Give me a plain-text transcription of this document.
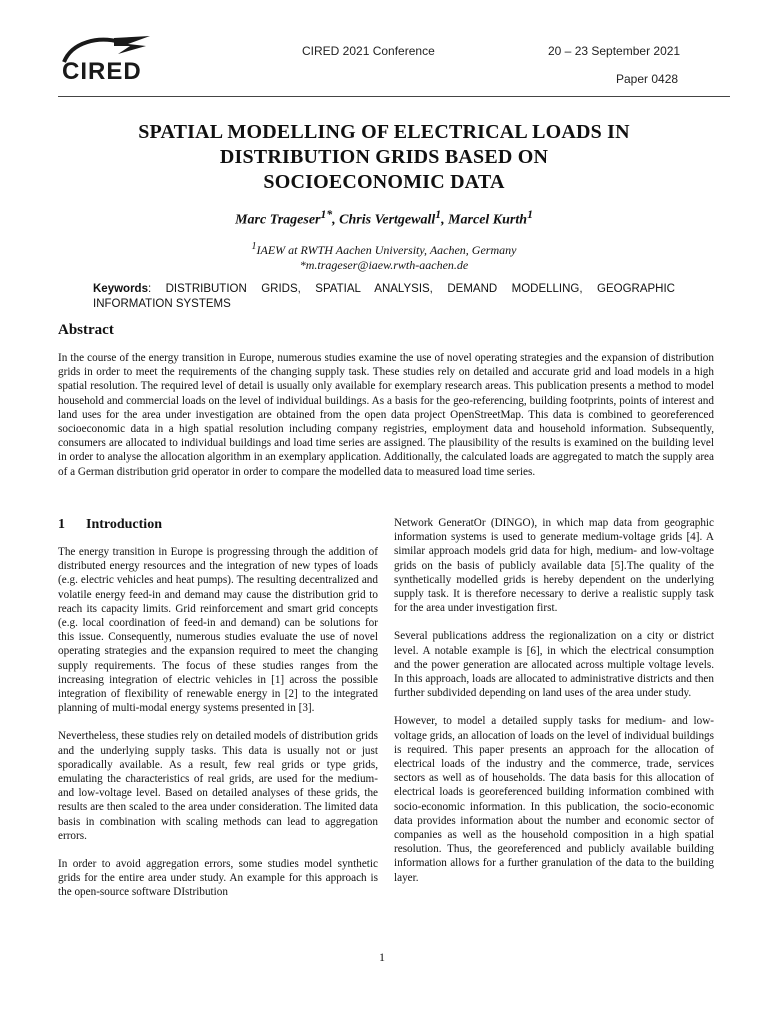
CIRED
CIRED 2021 Conference	20 – 23 September 2021
Paper 0428
SPATIAL MODELLING OF ELECTRICAL LOADS IN
DISTRIBUTION GRIDS BASED ON
SOCIOECONOMIC DATA
Marc Trageser$^{1*}$, Chris Vertgewall$^1$, Marcel Kurth$^1$
$^1$IAEW at RWTH Aachen University, Aachen, Germany
*m.trageser@iaew.rwth-aachen.de
Keywords: DISTRIBUTION GRIDS, SPATIAL ANALYSIS, DEMAND MODELLING, GEOGRAPHIC INFORMATION SYSTEMS
Abstract
In the course of the energy transition in Europe, numerous studies examine the use of novel operating strategies and the expansion of distribution grids in order to meet the requirements of the changing supply task. These studies rely on detailed and accurate grid and load models in a high spatial resolution. The required level of detail is usually only available for exemplary research areas. This publication presents a method to model household and commercial loads on the level of individual buildings. As a basis for the geo-referencing, building footprints, points of interest and land uses for the area under investigation are obtained from the open data project OpenStreetMap. This data is combined to georeferenced socioeconomic data in a high spatial resolution including company registries, employment data and household information. Subsequently, consumers are allocated to individual buildings and load time series are assigned. The plausibility of the results is examined on the building level in order to analyse the allocation algorithm in an exemplary application. Additionally, the calculated loads are aggregated to match the supply area of a German distribution grid operator in order to compare the modelled data to measured load time series.
1 Introduction

The energy transition in Europe is progressing through the addition of distributed energy resources and the integration of new types of loads (e.g. electric vehicles and heat pumps). The resulting decentralized and volatile energy feed-in and demand may cause the distribution grid to reach its capacity limits. Grid reinforcement and smart grid concepts (e.g. local coordination of feed-in and demand) can be solutions for this issue. Consequently, numerous studies evaluate the use of novel operating strategies and the expansion required to meet the changing supply requirements. The focus of these studies ranges from the increasing integration of electric vehicles in [1] across the possible integration of flexibility of renewable energy in [2] to the integrated planning of multi-modal energy systems presented in [3].

Nevertheless, these studies rely on detailed models of distribution grids and the underlying supply tasks. This data is usually not or just sporadically available. As a result, few real grids or type grids, emulating the characteristics of real grids, are used for the medium- and low-voltage level. Based on detailed analyses of these grids, the results are then scaled to the area under consideration. The limited data basis in combination with scaling methods can lead to aggregation errors.

In order to avoid aggregation errors, some studies model synthetic grids for the entire area under study. An example for this approach is the open-source software DIstribution

Network GeneratOr (DINGO), in which map data from geographic information systems is used to generate medium-voltage grids [4]. A similar approach models grid data for high, medium- and low-voltage grids on the basis of publicly available data [5].The quality of the synthetically modelled grids is hereby dependent on the underlying supply task. It is therefore necessary to derive a realistic supply task for the area under investigation first.

Several publications address the regionalization on a city or district level. A notable example is [6], in which the electrical consumption and the power generation are allocated across multiple voltage levels. In this approach, loads are allocated to administrative districts and then further subdivided depending on land uses of the area under study.

However, to model a detailed supply tasks for medium- and low-voltage grids, an allocation of loads on the level of individual buildings is required. This paper presents an approach for the allocation of electrical loads of the industry and the commerce, trade, services sectors as well as of households. The data basis for this allocation of electrical loads is georeferenced building information combined with socio-economic information. In this publication, the socio-economic data provides information about the number and economic sector of companies as well as the household composition in a high spatial resolution. Thus, the georeferenced and publicly available building information allows for a further granulation of the data to the building layer.

1
